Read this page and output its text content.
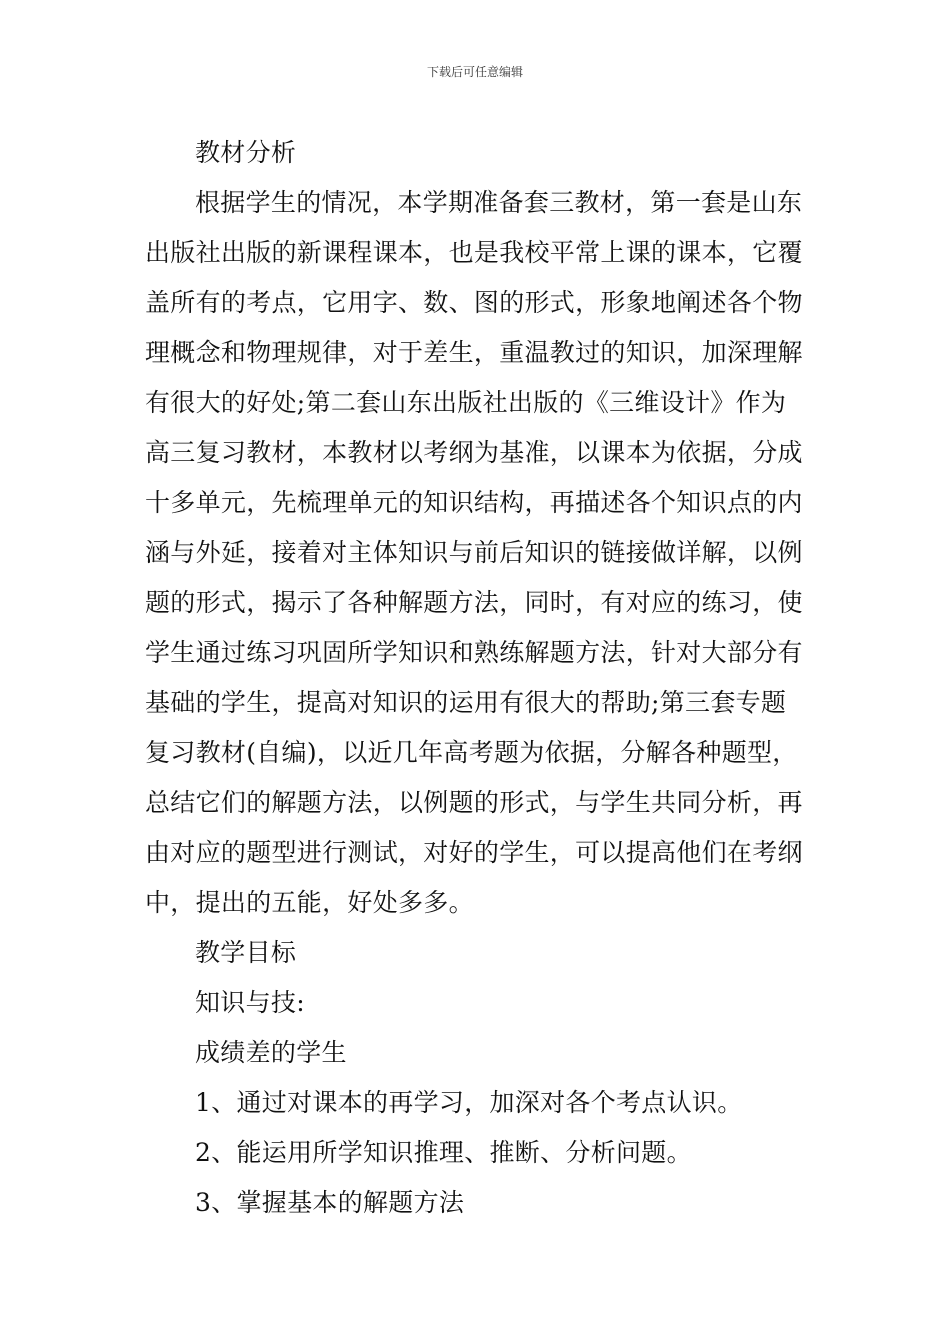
下载后可任意编辑

教材分析

根据学生的情况，本学期准备套三教材，第一套是山东出版社出版的新课程课本，也是我校平常上课的课本，它覆盖所有的考点，它用字、数、图的形式，形象地阐述各个物理概念和物理规律，对于差生，重温教过的知识，加深理解有很大的好处;第二套山东出版社出版的《三维设计》作为高三复习教材，本教材以考纲为基准，以课本为依据，分成十多单元，先梳理单元的知识结构，再描述各个知识点的内涵与外延，接着对主体知识与前后知识的链接做详解，以例题的形式，揭示了各种解题方法，同时，有对应的练习，使学生通过练习巩固所学知识和熟练解题方法，针对大部分有基础的学生，提高对知识的运用有很大的帮助;第三套专题复习教材(自编)，以近几年高考题为依据，分解各种题型，总结它们的解题方法，以例题的形式，与学生共同分析，再由对应的题型进行测试，对好的学生，可以提高他们在考纲中，提出的五能，好处多多。

教学目标

知识与技:

成绩差的学生

1、通过对课本的再学习，加深对各个考点认识。

2、能运用所学知识推理、推断、分析问题。

3、掌握基本的解题方法
